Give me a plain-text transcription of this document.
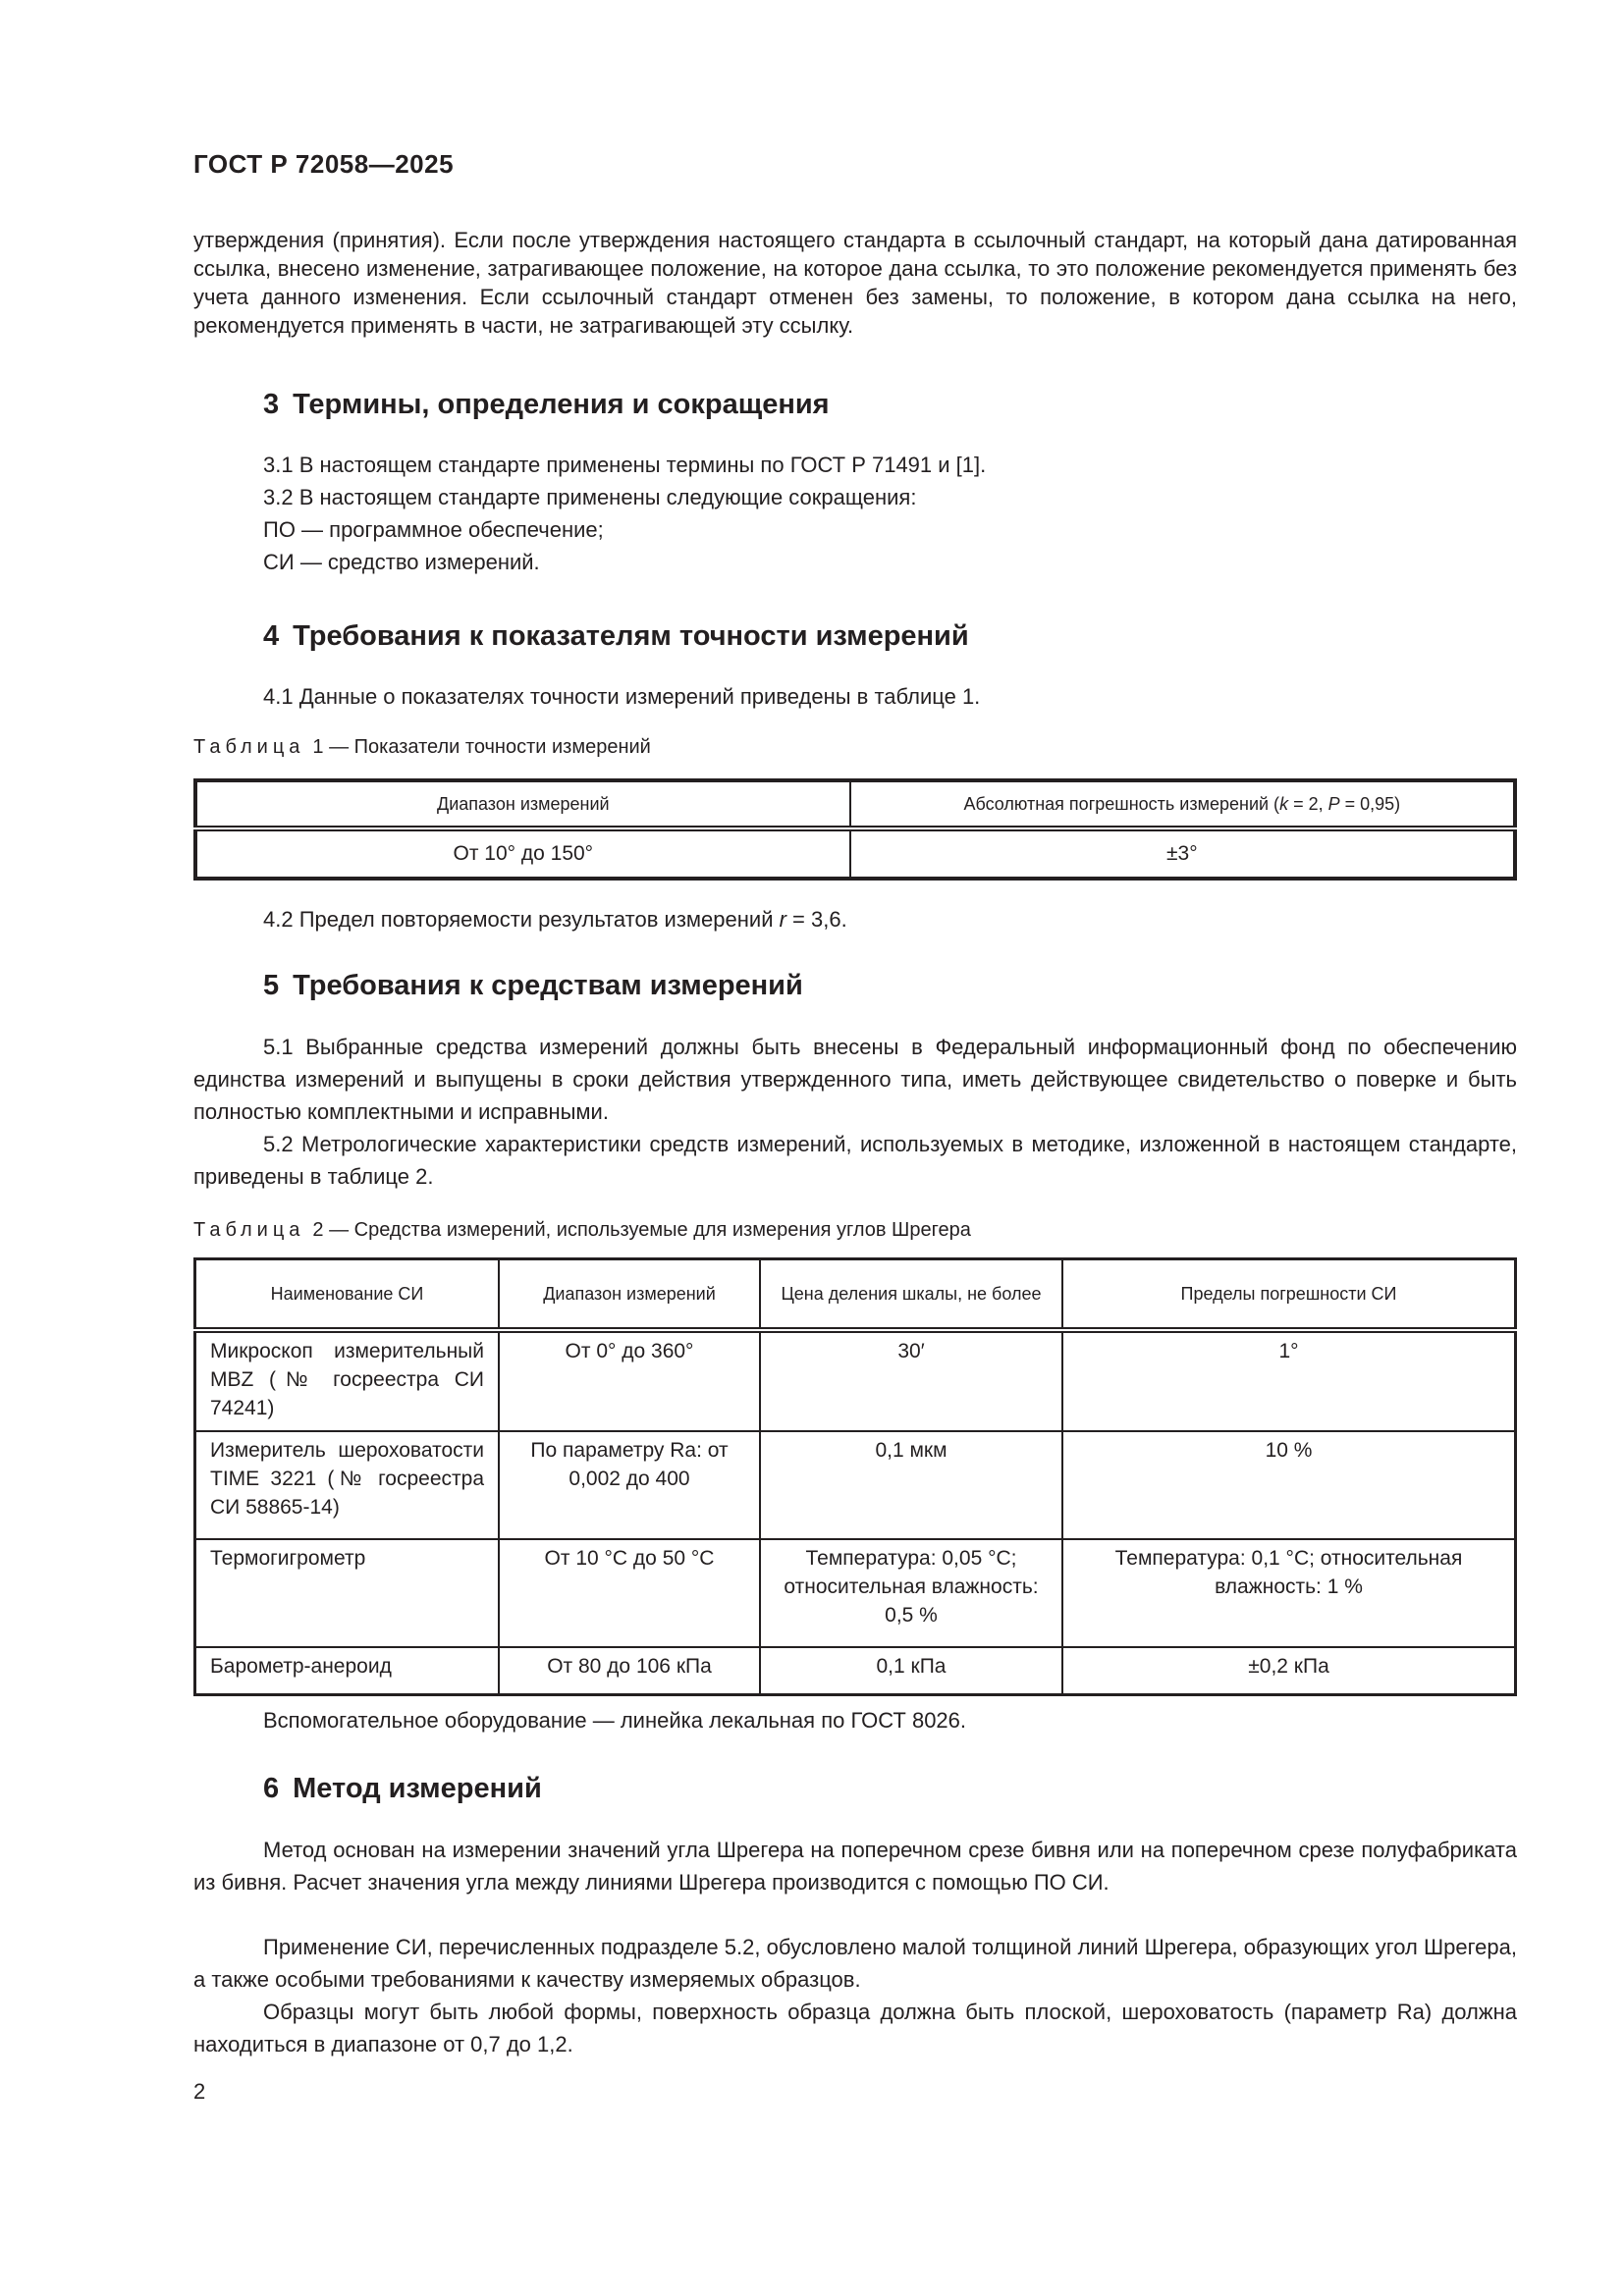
ГОСТ Р 72058—2025
утверждения (принятия). Если после утверждения настоящего стандарта в ссылочный стандарт, на который дана датированная ссылка, внесено изменение, затрагивающее положение, на которое дана ссылка, то это положение рекомендуется применять без учета данного изменения. Если ссылочный стандарт отменен без замены, то положение, в котором дана ссылка на него, рекомендуется применять в части, не затрагивающей эту ссылку.
3 Термины, определения и сокращения
3.1 В настоящем стандарте применены термины по ГОСТ Р 71491 и [1].
3.2 В настоящем стандарте применены следующие сокращения:
ПО — программное обеспечение;
СИ — средство измерений.
4 Требования к показателям точности измерений
4.1 Данные о показателях точности измерений приведены в таблице 1.
Таблица 1 — Показатели точности измерений
Диапазон измерений	Абсолютная погрешность измерений (k = 2, P = 0,95)
От 10° до 150°	±3°
4.2 Предел повторяемости результатов измерений r = 3,6.
5 Требования к средствам измерений
5.1 Выбранные средства измерений должны быть внесены в Федеральный информационный фонд по обеспечению единства измерений и выпущены в сроки действия утвержденного типа, иметь действующее свидетельство о поверке и быть полностью комплектными и исправными.
5.2 Метрологические характеристики средств измерений, используемых в методике, изложенной в настоящем стандарте, приведены в таблице 2.
Таблица 2 — Средства измерений, используемые для измерения углов Шрегера
Наименование СИ	Диапазон измерений	Цена деления шкалы, не более	Пределы погрешности СИ
Микроскоп измерительный MBZ (№ госреестра СИ 74241)	От 0° до 360°	30′	1°
Измеритель шероховатости TIME 3221 (№ госреестра СИ 58865-14)	По параметру Ra: от 0,002 до 400	0,1 мкм	10 %
Термогигрометр	От 10 °С до 50 °С	Температура: 0,05 °С; относительная влажность: 0,5 %	Температура: 0,1 °С; относительная влажность: 1 %
Барометр-анероид	От 80 до 106 кПа	0,1 кПа	±0,2 кПа
Вспомогательное оборудование — линейка лекальная по ГОСТ 8026.
6 Метод измерений
Метод основан на измерении значений угла Шрегера на поперечном срезе бивня или на поперечном срезе полуфабриката из бивня. Расчет значения угла между линиями Шрегера производится с помощью ПО СИ.
Применение СИ, перечисленных подразделе 5.2, обусловлено малой толщиной линий Шрегера, образующих угол Шрегера, а также особыми требованиями к качеству измеряемых образцов.
Образцы могут быть любой формы, поверхность образца должна быть плоской, шероховатость (параметр Ra) должна находиться в диапазоне от 0,7 до 1,2.
2
